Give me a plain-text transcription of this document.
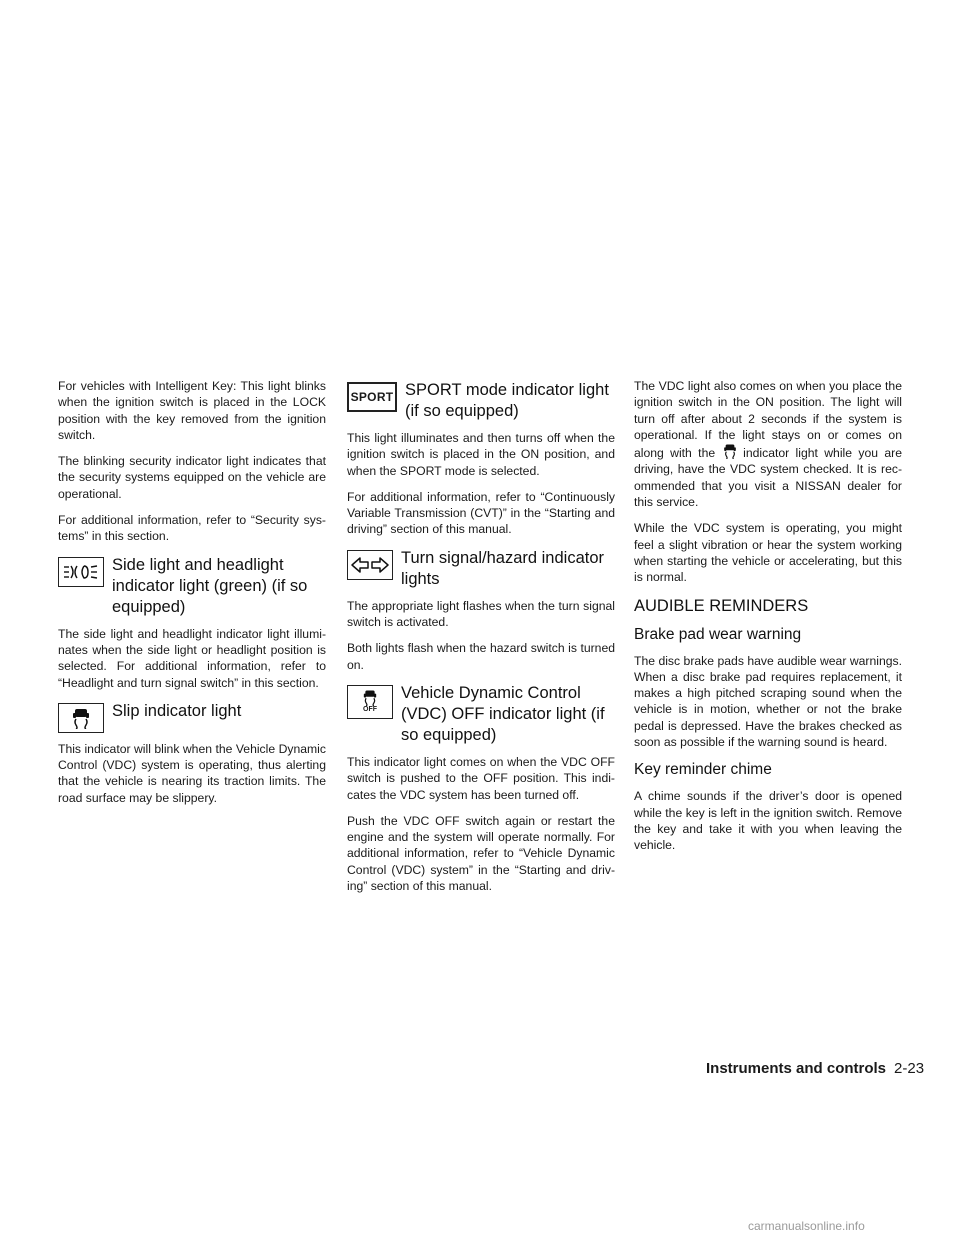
For vehicles with Intelligent Key: This light blinks when the ignition switch is placed in the LOCK position with the key removed from the ignition switch.

The blinking security indicator light indicates that the security systems equipped on the vehicle are operational.

For additional information, refer to “Security sys- tems” in this section.

Side light and headlight indicator light (green) (if so equipped)

The side light and headlight indicator light illumi- nates when the side light or headlight position is selected. For additional information, refer to “Headlight and turn signal switch” in this section.

Slip indicator light

This indicator will blink when the Vehicle Dynamic Control (VDC) system is operating, thus alerting that the vehicle is nearing its traction limits. The road surface may be slippery.

SPORT SPORT mode indicator light (if so equipped)

This light illuminates and then turns off when the ignition switch is placed in the ON position, and when the SPORT mode is selected.

For additional information, refer to “Continuously Variable Transmission (CVT)” in the “Starting and driving” section of this manual.

Turn signal/hazard indicator lights

The appropriate light flashes when the turn signal switch is activated.

Both lights flash when the hazard switch is turned on.

OFF
Vehicle Dynamic Control (VDC) OFF indicator light (if so equipped)

This indicator light comes on when the VDC OFF switch is pushed to the OFF position. This indi- cates the VDC system has been turned off.

Push the VDC OFF switch again or restart the engine and the system will operate normally. For additional information, refer to “Vehicle Dynamic Control (VDC) system” in the “Starting and driv- ing” section of this manual.

The VDC light also comes on when you place the ignition switch in the ON position. The light will turn off after about 2 seconds if the system is operational. If the light stays on or comes on along with the indicator light while you are driving, have the VDC system checked. It is rec- ommended that you visit a NISSAN dealer for this service.

While the VDC system is operating, you might feel a slight vibration or hear the system working when starting the vehicle or accelerating, but this is normal.

AUDIBLE REMINDERS
Brake pad wear warning

The disc brake pads have audible wear warnings. When a disc brake pad requires replacement, it makes a high pitched scraping sound when the vehicle is in motion, whether or not the brake pedal is depressed. Have the brakes checked as soon as possible if the warning sound is heard.

Key reminder chime

A chime sounds if the driver’s door is opened while the key is left in the ignition switch. Remove the key and take it with you when leaving the vehicle.

Instruments and controls 2-23
carmanualsonline.info
